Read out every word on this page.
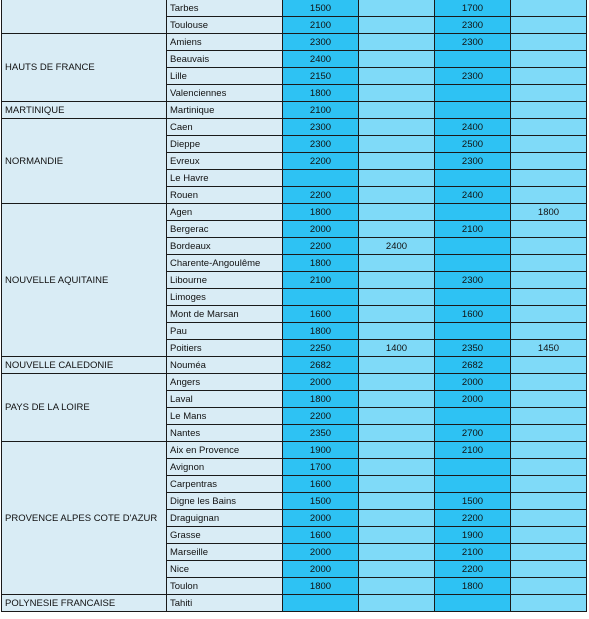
	Tarbes	1500		1700	
	Toulouse	2100		2300	
HAUTS DE FRANCE	Amiens	2300		2300	
	Beauvais	2400			
	Lille	2150		2300	
	Valenciennes	1800			
MARTINIQUE	Martinique	2100			
NORMANDIE	Caen	2300		2400	
	Dieppe	2300		2500	
	Evreux	2200		2300	
	Le Havre				
	Rouen	2200		2400	
NOUVELLE AQUITAINE	Agen	1800			1800
	Bergerac	2000		2100	
	Bordeaux	2200	2400		
	Charente-Angoulême	1800			
	Libourne	2100		2300	
	Limoges				
	Mont de Marsan	1600		1600	
	Pau	1800			
	Poitiers	2250	1400	2350	1450
NOUVELLE CALEDONIE	Nouméa	2682		2682	
PAYS DE LA LOIRE	Angers	2000		2000	
	Laval	1800		2000	
	Le Mans	2200			
	Nantes	2350		2700	
PROVENCE ALPES COTE D'AZUR	Aix en Provence	1900		2100	
	Avignon	1700			
	Carpentras	1600			
	Digne les Bains	1500		1500	
	Draguignan	2000		2200	
	Grasse	1600		1900	
	Marseille	2000		2100	
	Nice	2000		2200	
	Toulon	1800		1800	
POLYNESIE FRANCAISE	Tahiti				
